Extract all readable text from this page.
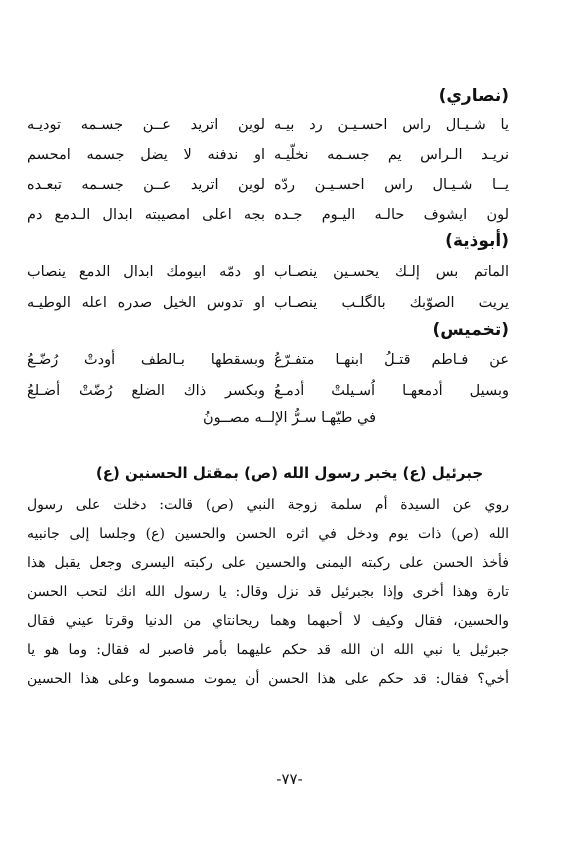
(نصاري)
يا شـيـال راس احسـيـن رد بيـه
لوين اتريد عــن جسـمه توديـه
نريـد الـراس يم جسـمه نخلّيـه
او ندفنه لا يضل جسمه امحسم
يــا شـيـال راس احسـيـن ردّه
لوين اتريد عــن جسـمه تبعـده
لون ايشوف حالـه اليـوم جـده
بجه اعلى امصيبته ابدال الـدمع دم
(أبوذية)
الماتم بس إلـك يحسـين ينصـاب
او دمّه ابيومك ابدال الدمع ينصاب
يريت الصوّبك بالگلـب ينصـاب
او تدوس الخيل صدره اعله الوطيـه
(تخميس)
عن فـاطم قتـلُ ابنهـا متفـرّعُ
وبسقطها بـالطف أودتْ رُضّـعُ
وبسيل أدمعهـا اُسـيلتْ أدمـعُ
وبكسر ذاك الضلع رُضّتْ أضـلعُ
في طيّهـا سـرُّ الإلــه مصــونُ
جبرئيل (ع) يخبر رسول الله (ص) بمقتل الحسنين (ع)
روي عن السيدة أم سلمة زوجة النبي (ص) قالت: دخلت على رسول
الله (ص) ذات يوم ودخل في اثره الحسن والحسين (ع) وجلسا إلى جانبيه
فأخذ الحسن على ركبته اليمنى والحسين على ركبته اليسرى وجعل يقبل هذا
تارة وهذا أخرى وإذا بجبرئيل قد نزل وقال: يا رسول الله انك لتحب الحسن
والحسين، فقال وكيف لا أحبهما وهما ريحانتاي من الدنيا وقرتا عيني فقال
جبرئيل يا نبي الله ان الله قد حكم عليهما بأمر فاصبر له فقال: وما هو يا
أخي؟ فقال: قد حكم على هذا الحسن أن يموت مسموما وعلى هذا الحسين
-٧٧-
